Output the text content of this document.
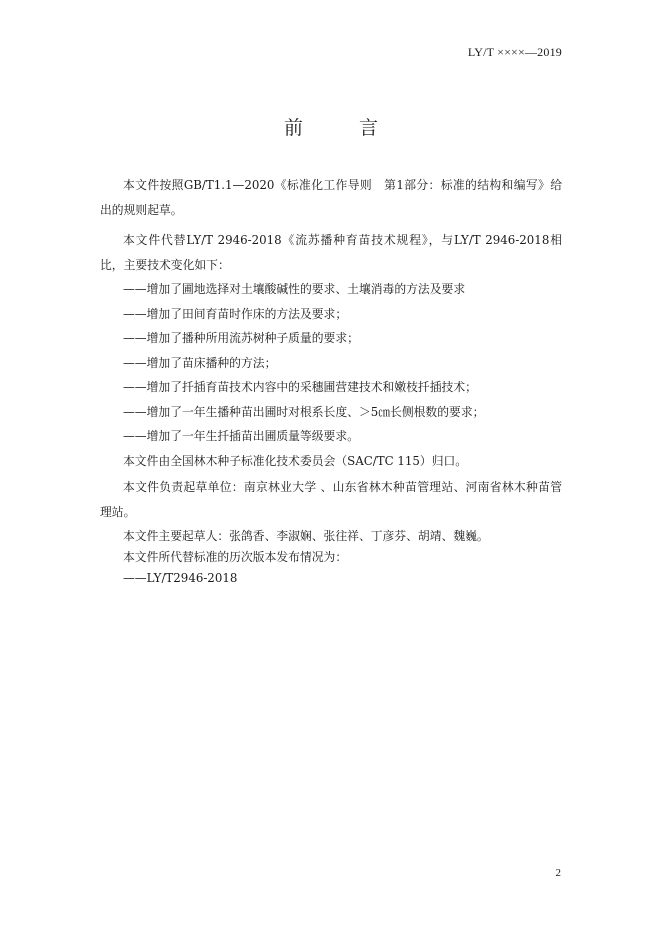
LY/T ××××—2019
前言

本文件按照GB/T1.1—2020《标准化工作导则　第1部分：标准的结构和编写》给出的规则起草。

本文件代替LY/T 2946-2018《流苏播种育苗技术规程》，与LY/T 2946-2018相比，主要技术变化如下：

——增加了圃地选择对土壤酸碱性的要求、土壤消毒的方法及要求

——增加了田间育苗时作床的方法及要求；

——增加了播种所用流苏树种子质量的要求；

——增加了苗床播种的方法；

——增加了扦插育苗技术内容中的采穗圃营建技术和嫩枝扦插技术；

——增加了一年生播种苗出圃时对根系长度、＞5㎝长侧根数的要求；

——增加了一年生扦插苗出圃质量等级要求。

本文件由全国林木种子标准化技术委员会（SAC/TC 115）归口。

本文件负责起草单位：南京林业大学 、山东省林木种苗管理站、河南省林木种苗管理站。

本文件主要起草人：张鸽香、李淑娴、张往祥、丁彦芬、胡靖、魏巍。

本文件所代替标准的历次版本发布情况为：

——LY/T2946-2018

2
